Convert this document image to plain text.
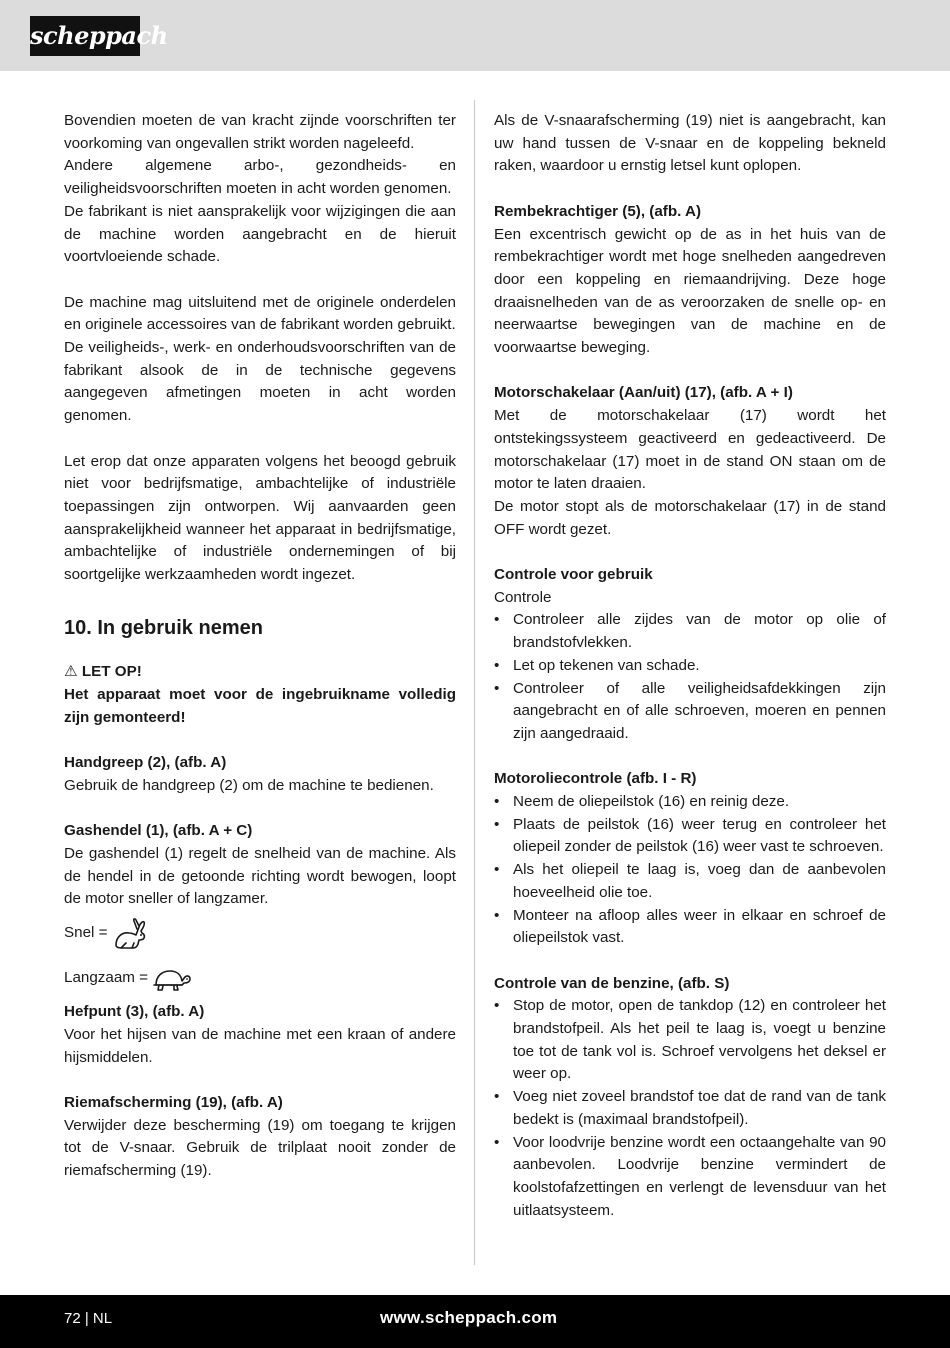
scheppach

Bovendien moeten de van kracht zijnde voorschriften ter voorkoming van ongevallen strikt worden nageleefd.

Andere algemene arbo-, gezondheids- en veiligheidsvoorschriften moeten in acht worden genomen.

De fabrikant is niet aansprakelijk voor wijzigingen die aan de machine worden aangebracht en de hieruit voortvloeiende schade.

De machine mag uitsluitend met de originele onderdelen en originele accessoires van de fabrikant worden gebruikt.

De veiligheids-, werk- en onderhoudsvoorschriften van de fabrikant alsook de in de technische gegevens aangegeven afmetingen moeten in acht worden genomen.

Let erop dat onze apparaten volgens het beoogd gebruik niet voor bedrijfsmatige, ambachtelijke of industriële toepassingen zijn ontworpen. Wij aanvaarden geen aansprakelijkheid wanneer het apparaat in bedrijfsmatige, ambachtelijke of industriële ondernemingen of bij soortgelijke werkzaamheden wordt ingezet.

10. In gebruik nemen

⚠ LET OP!

Het apparaat moet voor de ingebruikname volledig zijn gemonteerd!

Handgreep (2), (afb. A)

Gebruik de handgreep (2) om de machine te bedienen.

Gashendel (1), (afb. A + C)

De gashendel (1) regelt de snelheid van de machine. Als de hendel in de getoonde richting wordt bewogen, loopt de motor sneller of langzamer.

Snel =
Langzaam =

Hefpunt (3), (afb. A)

Voor het hijsen van de machine met een kraan of andere hijsmiddelen.

Riemafscherming (19), (afb. A)

Verwijder deze bescherming (19) om toegang te krijgen tot de V-snaar. Gebruik de trilplaat nooit zonder de riemafscherming (19).

Als de V-snaarafscherming (19) niet is aangebracht, kan uw hand tussen de V-snaar en de koppeling bekneld raken, waardoor u ernstig letsel kunt oplopen.

Rembekrachtiger (5), (afb. A)

Een excentrisch gewicht op de as in het huis van de rembekrachtiger wordt met hoge snelheden aangedreven door een koppeling en riemaandrijving. Deze hoge draaisnelheden van de as veroorzaken de snelle op- en neerwaartse bewegingen van de machine en de voorwaartse beweging.

Motorschakelaar (Aan/uit) (17), (afb. A + I)

Met de motorschakelaar (17) wordt het ontstekingssysteem geactiveerd en gedeactiveerd. De motorschakelaar (17) moet in de stand ON staan om de motor te laten draaien.

De motor stopt als de motorschakelaar (17) in de stand OFF wordt gezet.

Controle voor gebruik

Controle

• Controleer alle zijdes van de motor op olie of brandstofvlekken.
• Let op tekenen van schade.
• Controleer of alle veiligheidsafdekkingen zijn aangebracht en of alle schroeven, moeren en pennen zijn aangedraaid.

Motoroliecontrole (afb. I - R)

• Neem de oliepeilstok (16) en reinig deze.
• Plaats de peilstok (16) weer terug en controleer het oliepeil zonder de peilstok (16) weer vast te schroeven.
• Als het oliepeil te laag is, voeg dan de aanbevolen hoeveelheid olie toe.
• Monteer na afloop alles weer in elkaar en schroef de oliepeilstok vast.

Controle van de benzine, (afb. S)

• Stop de motor, open de tankdop (12) en controleer het brandstofpeil. Als het peil te laag is, voegt u benzine toe tot de tank vol is. Schroef vervolgens het deksel er weer op.
• Voeg niet zoveel brandstof toe dat de rand van de tank bedekt is (maximaal brandstofpeil).
• Voor loodvrije benzine wordt een octaangehalte van 90 aanbevolen. Loodvrije benzine vermindert de koolstofafzettingen en verlengt de levensduur van het uitlaatsysteem.
72 | NL	www.scheppach.com
